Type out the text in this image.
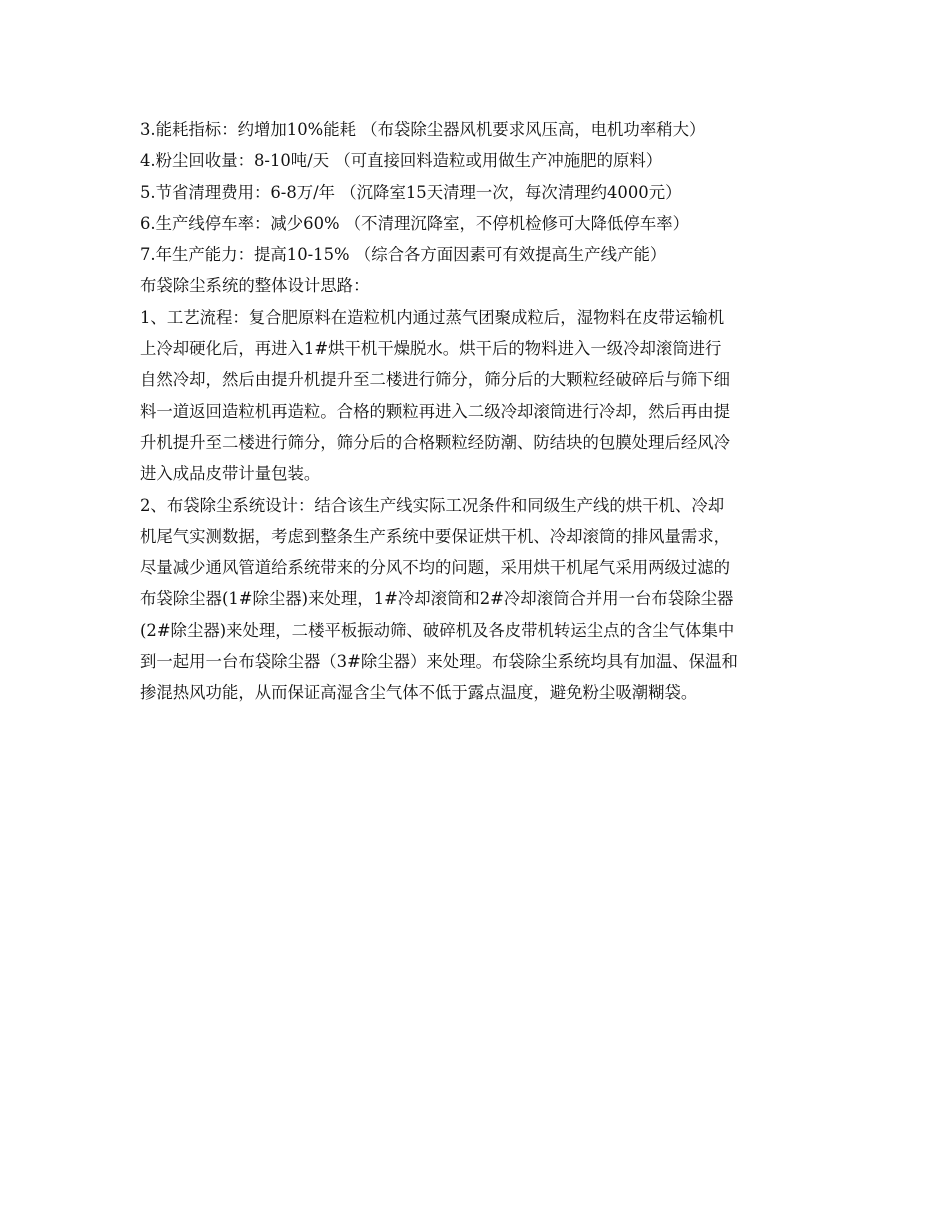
3.能耗指标：约增加10%能耗 （布袋除尘器风机要求风压高，电机功率稍大）
4.粉尘回收量：8-10吨/天 （可直接回料造粒或用做生产冲施肥的原料）
5.节省清理费用：6-8万/年 （沉降室15天清理一次，每次清理约4000元）
6.生产线停车率：减少60% （不清理沉降室，不停机检修可大降低停车率）
7.年生产能力：提高10-15% （综合各方面因素可有效提高生产线产能）
布袋除尘系统的整体设计思路：
1、工艺流程：复合肥原料在造粒机内通过蒸气团聚成粒后，湿物料在皮带运输机
上冷却硬化后，再进入1#烘干机干燥脱水。烘干后的物料进入一级冷却滚筒进行
自然冷却，然后由提升机提升至二楼进行筛分，筛分后的大颗粒经破碎后与筛下细
料一道返回造粒机再造粒。合格的颗粒再进入二级冷却滚筒进行冷却，然后再由提
升机提升至二楼进行筛分，筛分后的合格颗粒经防潮、防结块的包膜处理后经风冷
进入成品皮带计量包装。
2、布袋除尘系统设计：结合该生产线实际工况条件和同级生产线的烘干机、冷却
机尾气实测数据，考虑到整条生产系统中要保证烘干机、冷却滚筒的排风量需求，
尽量减少通风管道给系统带来的分风不均的问题，采用烘干机尾气采用两级过滤的
布袋除尘器(1#除尘器)来处理，1#冷却滚筒和2#冷却滚筒合并用一台布袋除尘器
(2#除尘器)来处理，二楼平板振动筛、破碎机及各皮带机转运尘点的含尘气体集中
到一起用一台布袋除尘器（3#除尘器）来处理。布袋除尘系统均具有加温、保温和
掺混热风功能，从而保证高湿含尘气体不低于露点温度，避免粉尘吸潮糊袋。
